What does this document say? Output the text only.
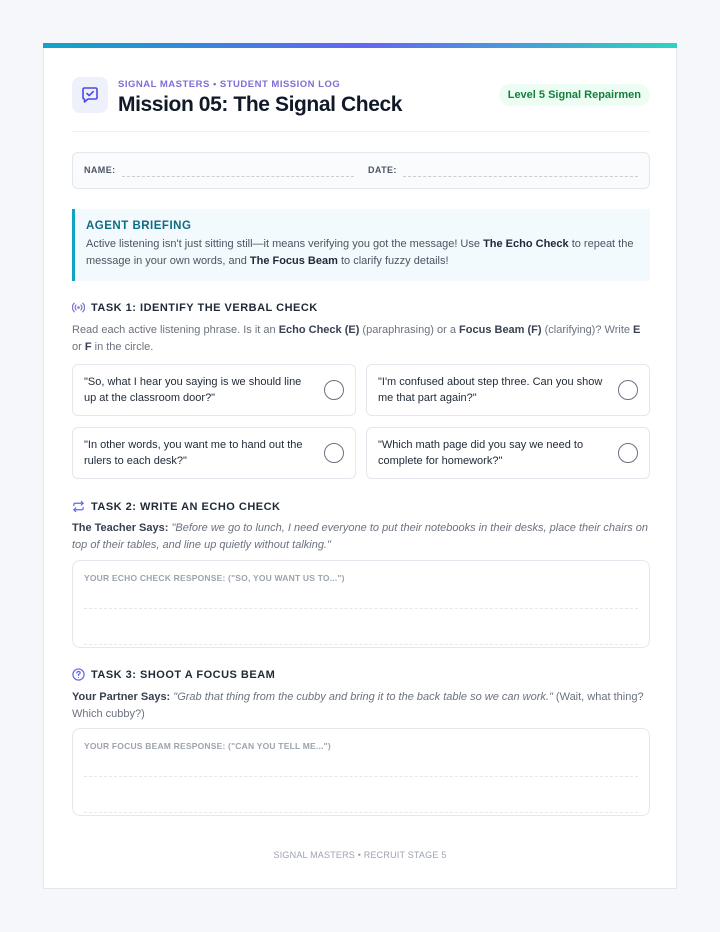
SIGNAL MASTERS • STUDENT MISSION LOG
Mission 05: The Signal Check	Level 5 Signal Repairmen
NAME:	DATE:
AGENT BRIEFING
Active listening isn't just sitting still—it means verifying you got the message! Use The Echo Check to repeat the message in your own words, and The Focus Beam to clarify fuzzy details!
TASK 1: IDENTIFY THE VERBAL CHECK
Read each active listening phrase. Is it an Echo Check (E) (paraphrasing) or a Focus Beam (F) (clarifying)? Write E or F in the circle.
"So, what I hear you saying is we should line up at the classroom door?"
"I'm confused about step three. Can you show me that part again?"
"In other words, you want me to hand out the rulers to each desk?"
"Which math page did you say we need to complete for homework?"
TASK 2: WRITE AN ECHO CHECK
The Teacher Says: "Before we go to lunch, I need everyone to put their notebooks in their desks, place their chairs on top of their tables, and line up quietly without talking."
YOUR ECHO CHECK RESPONSE: ("SO, YOU WANT US TO...")
TASK 3: SHOOT A FOCUS BEAM
Your Partner Says: "Grab that thing from the cubby and bring it to the back table so we can work." (Wait, what thing? Which cubby?)
YOUR FOCUS BEAM RESPONSE: ("CAN YOU TELL ME...")
SIGNAL MASTERS • RECRUIT STAGE 5
